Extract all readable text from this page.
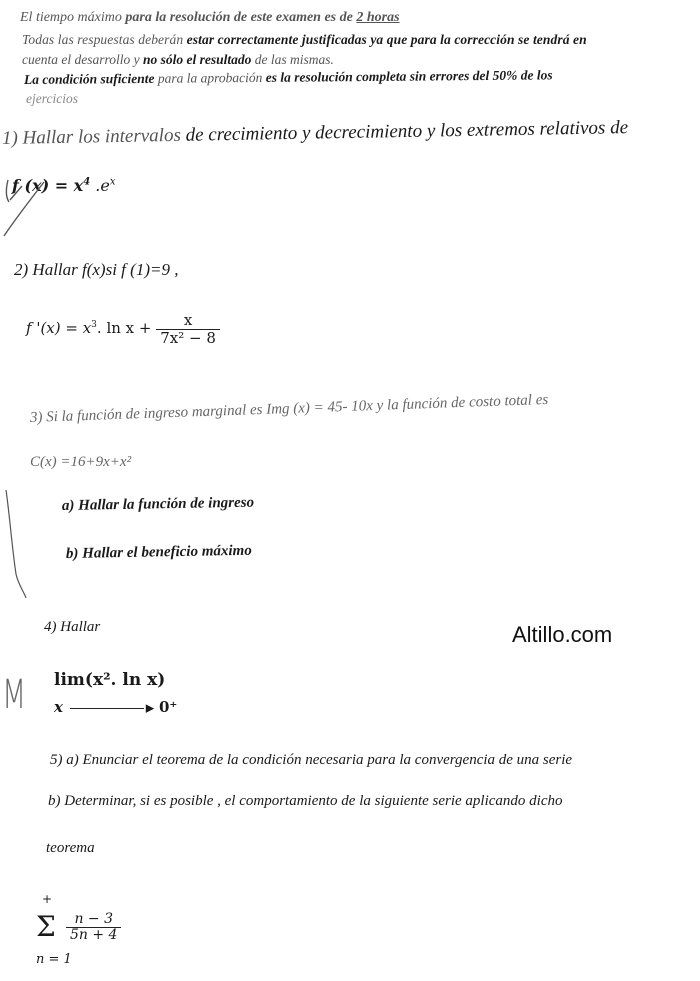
El tiempo máximo para la resolución de este examen es de 2 horas
Todas las respuestas deberán estar correctamente justificadas ya que para la corrección se tendrá en
cuenta el desarrollo y no sólo el resultado de las mismas.
La condición suficiente para la aprobación es la resolución completa sin errores del 50% de los
ejercicios
1) Hallar los intervalos de crecimiento y decrecimiento y los extremos relativos de
f $(x) = x^4$ $.e^x$
2) Hallar f(x)si f (1)=9 ,
f '$(x) = x^3$. $\ln x + \frac{x}{\text{7x² − 8}}$
3) Si la función de ingreso marginal es Img (x) = 45- 10x y la función de costo total es
C(x) =16+9x+x²
a) Hallar la función de ingreso
b) Hallar el beneficio máximo
4) Hallar	Altillo.com
M lim(x². ln x)
x	▶ 0⁺
5) a) Enunciar el teorema de la condición necesaria para la convergencia de una serie
b) Determinar, si es posible , el comportamiento de la siguiente serie aplicando dicho
teorema
+
Σ $\frac{n - 3}{5n + 4}$
n = 1
